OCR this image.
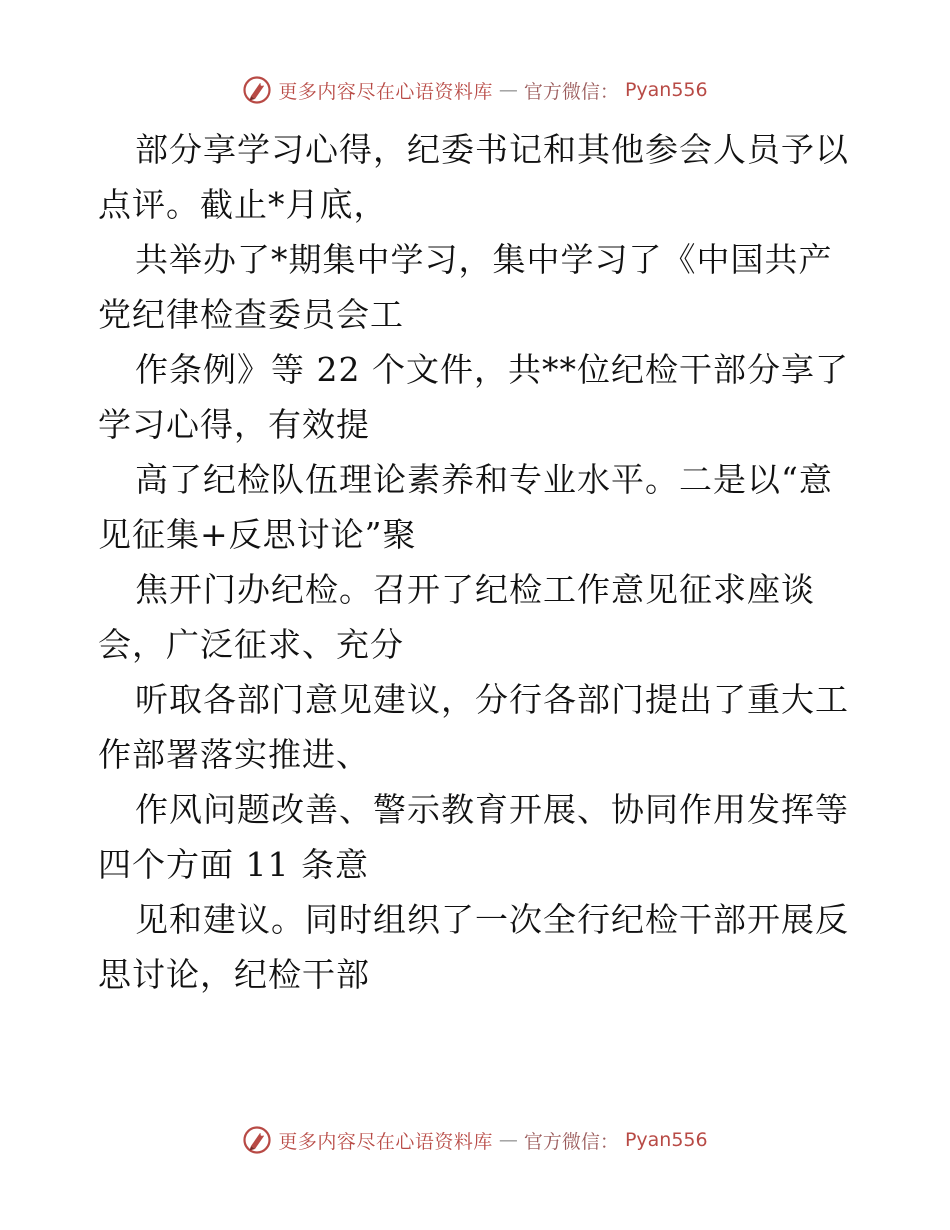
更多内容尽在心语资料库 — 官方微信： Pyan556

部分享学习心得，纪委书记和其他参会人员予以

点评。截止*月底，

共举办了*期集中学习，集中学习了《中国共产

党纪律检查委员会工

作条例》等 22 个文件，共**位纪检干部分享了

学习心得，有效提

高了纪检队伍理论素养和专业水平。二是以“意

见征集+反思讨论”聚

焦开门办纪检。召开了纪检工作意见征求座谈

会，广泛征求、充分

听取各部门意见建议，分行各部门提出了重大工

作部署落实推进、

作风问题改善、警示教育开展、协同作用发挥等

四个方面 11 条意

见和建议。同时组织了一次全行纪检干部开展反

思讨论，纪检干部

更多内容尽在心语资料库 — 官方微信： Pyan556
